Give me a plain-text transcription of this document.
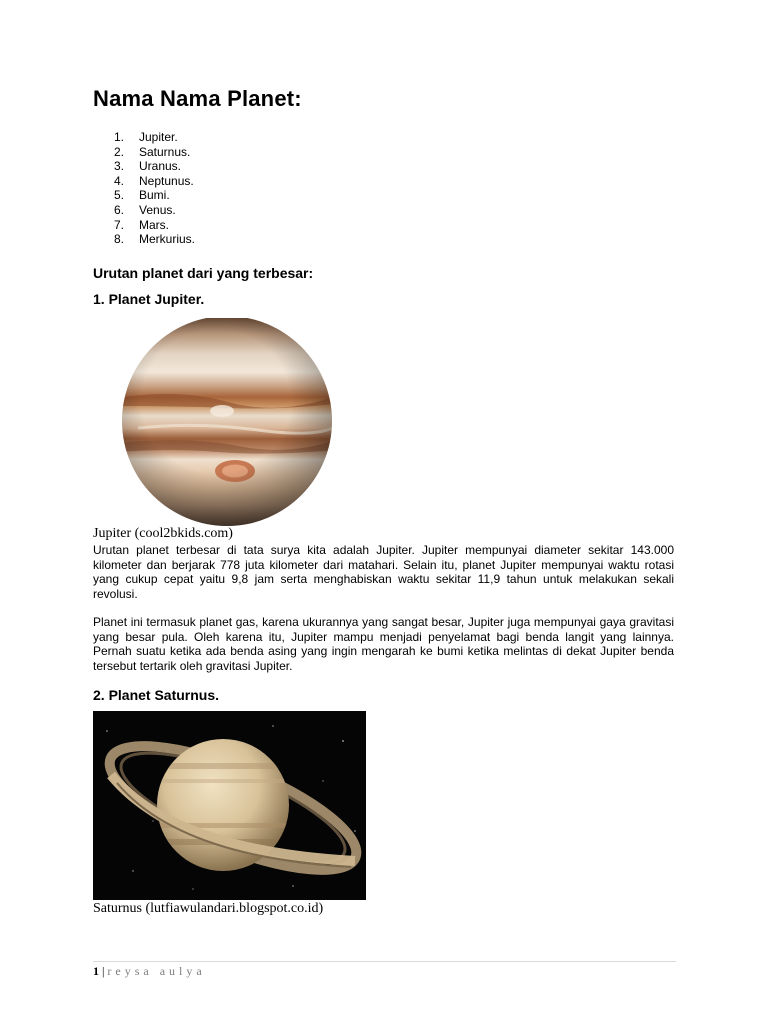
Nama Nama Planet:
1.	Jupiter.
2.	Saturnus.
3.	Uranus.
4.	Neptunus.
5.	Bumi.
6.	Venus.
7.	Mars.
8.	Merkurius.
Urutan planet dari yang terbesar:
1. Planet Jupiter.

Jupiter (cool2bkids.com)

Urutan planet terbesar di tata surya kita adalah Jupiter. Jupiter mempunyai diameter sekitar 143.000 kilometer dan berjarak 778 juta kilometer dari matahari. Selain itu, planet Jupiter mempunyai waktu rotasi yang cukup cepat yaitu 9,8 jam serta menghabiskan waktu sekitar 11,9 tahun untuk melakukan sekali revolusi.

Planet ini termasuk planet gas, karena ukurannya yang sangat besar, Jupiter juga mempunyai gaya gravitasi yang besar pula. Oleh karena itu, Jupiter mampu menjadi penyelamat bagi benda langit yang lainnya. Pernah suatu ketika ada benda asing yang ingin mengarah ke bumi ketika melintas di dekat Jupiter benda tersebut tertarik oleh gravitasi Jupiter.

2. Planet Saturnus.

Saturnus (lutfiawulandari.blogspot.co.id)

1 | reysa aulya
